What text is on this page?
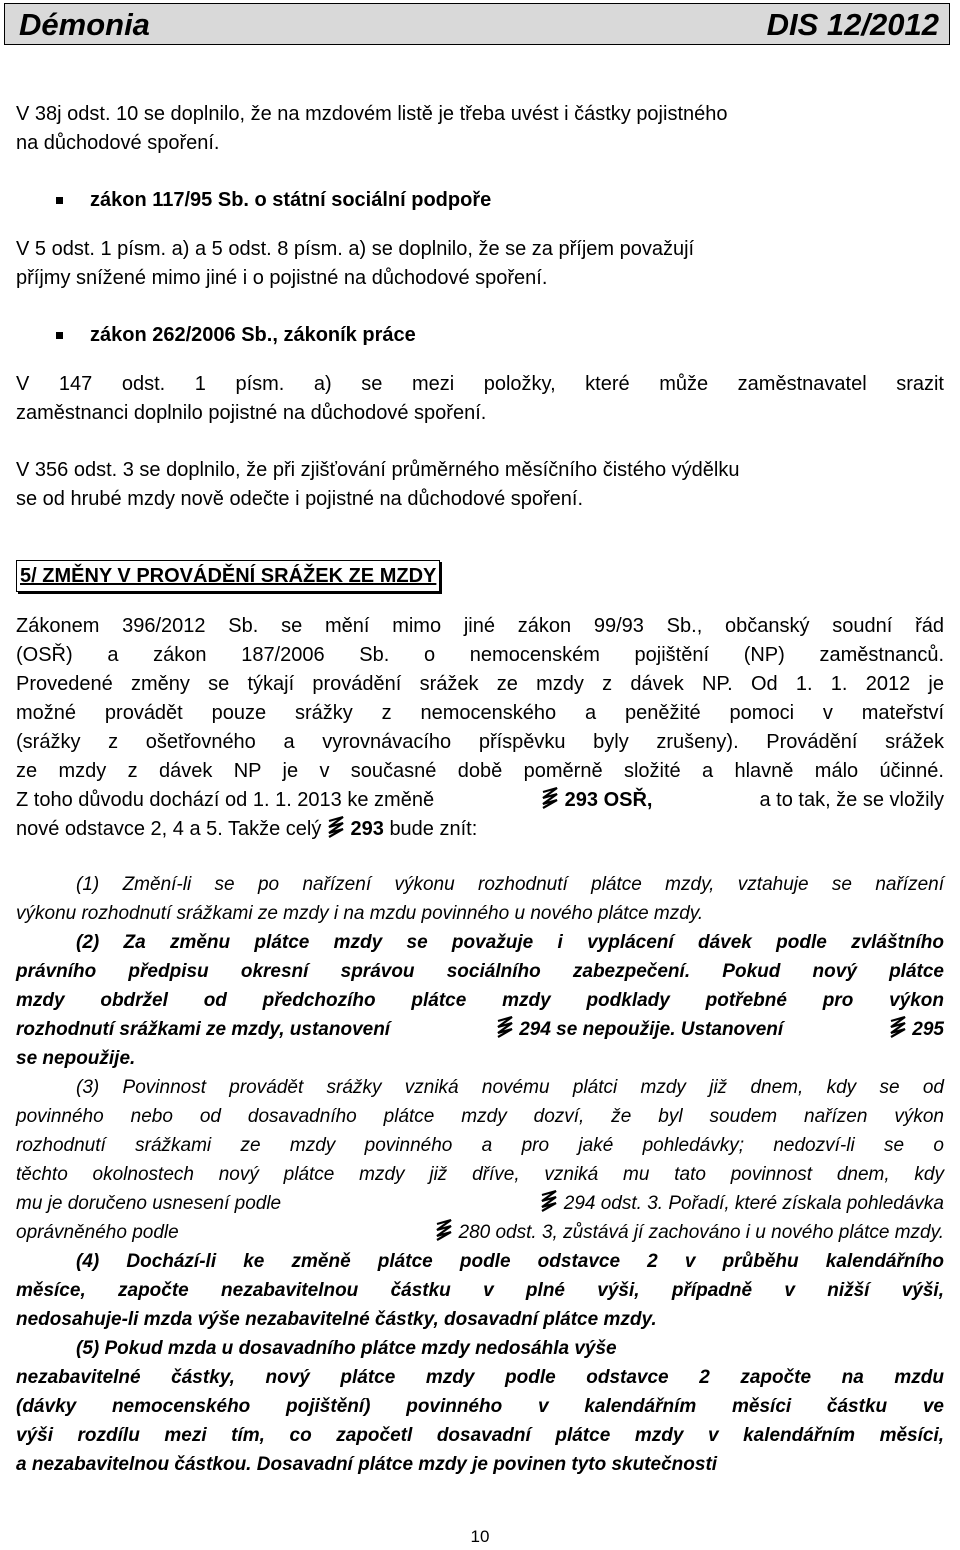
Démonia	DIS 12/2012
V 38j odst. 10 se doplnilo, že na mzdovém listě je třeba uvést i částky pojistného
na důchodové spoření.
zákon 117/95 Sb. o státní sociální podpoře
V 5 odst. 1 písm. a) a 5 odst. 8 písm. a) se doplnilo, že se za příjem považují
příjmy snížené mimo jiné i o pojistné na důchodové spoření.
zákon 262/2006 Sb., zákoník práce
V 147 odst. 1 písm. a) se mezi položky, které může zaměstnavatel srazit
zaměstnanci doplnilo pojistné na důchodové spoření.
V 356 odst. 3 se doplnilo, že při zjišťování průměrného měsíčního čistého výdělku
se od hrubé mzdy nově odečte i pojistné na důchodové spoření.
5/ ZMĚNY V PROVÁDĚNÍ SRÁŽEK ZE MZDY
Zákonem 396/2012 Sb. se mění mimo jiné zákon 99/93 Sb., občanský soudní řád
(OSŘ) a zákon 187/2006 Sb. o nemocenském pojištění (NP) zaměstnanců.
Provedené změny se týkají provádění srážek ze mzdy z dávek NP. Od 1. 1. 2012 je
možné provádět pouze srážky z nemocenského a peněžité pomoci v mateřství
(srážky z ošetřovného a vyrovnávacího příspěvku byly zrušeny). Provádění srážek
ze mzdy z dávek NP je v současné době poměrně složité a hlavně málo účinné.
Z toho důvodu dochází od 1. 1. 2013 ke změně	293 OSŘ,	a to tak, že se vložily
nové odstavce 2, 4 a 5. Takže celý 293 bude znít:
(1) Změní-li se po nařízení výkonu rozhodnutí plátce mzdy, vztahuje se nařízení
výkonu rozhodnutí srážkami ze mzdy i na mzdu povinného u nového plátce mzdy.
(2) Za změnu plátce mzdy se považuje i vyplácení dávek podle zvláštního
právního předpisu okresní správou sociálního zabezpečení. Pokud nový plátce
mzdy obdržel od předchozího plátce mzdy podklady potřebné pro výkon
rozhodnutí srážkami ze mzdy, ustanovení	294 se nepoužije. Ustanovení	295
se nepoužije.
(3) Povinnost provádět srážky vzniká novému plátci mzdy již dnem, kdy se od
povinného nebo od dosavadního plátce mzdy dozví, že byl soudem nařízen výkon
rozhodnutí srážkami ze mzdy povinného a pro jaké pohledávky; nedozví-li se o
těchto okolnostech nový plátce mzdy již dříve, vzniká mu tato povinnost dnem, kdy
mu je doručeno usnesení podle	294 odst. 3. Pořadí, které získala pohledávka
oprávněného podle	280 odst. 3, zůstává jí zachováno i u nového plátce mzdy.
(4) Dochází-li ke změně plátce podle odstavce 2 v průběhu kalendářního
měsíce, započte nezabavitelnou částku v plné výši, případně v nižší výši,
nedosahuje-li mzda výše nezabavitelné částky, dosavadní plátce mzdy.
(5) Pokud mzda u dosavadního plátce mzdy nedosáhla výše
nezabavitelné částky, nový plátce mzdy podle odstavce 2 započte na mzdu
(dávky nemocenského pojištění) povinného v kalendářním měsíci částku ve
výši rozdílu mezi tím, co započetl dosavadní plátce mzdy v kalendářním měsíci,
a nezabavitelnou částkou. Dosavadní plátce mzdy je povinen tyto skutečnosti
10
